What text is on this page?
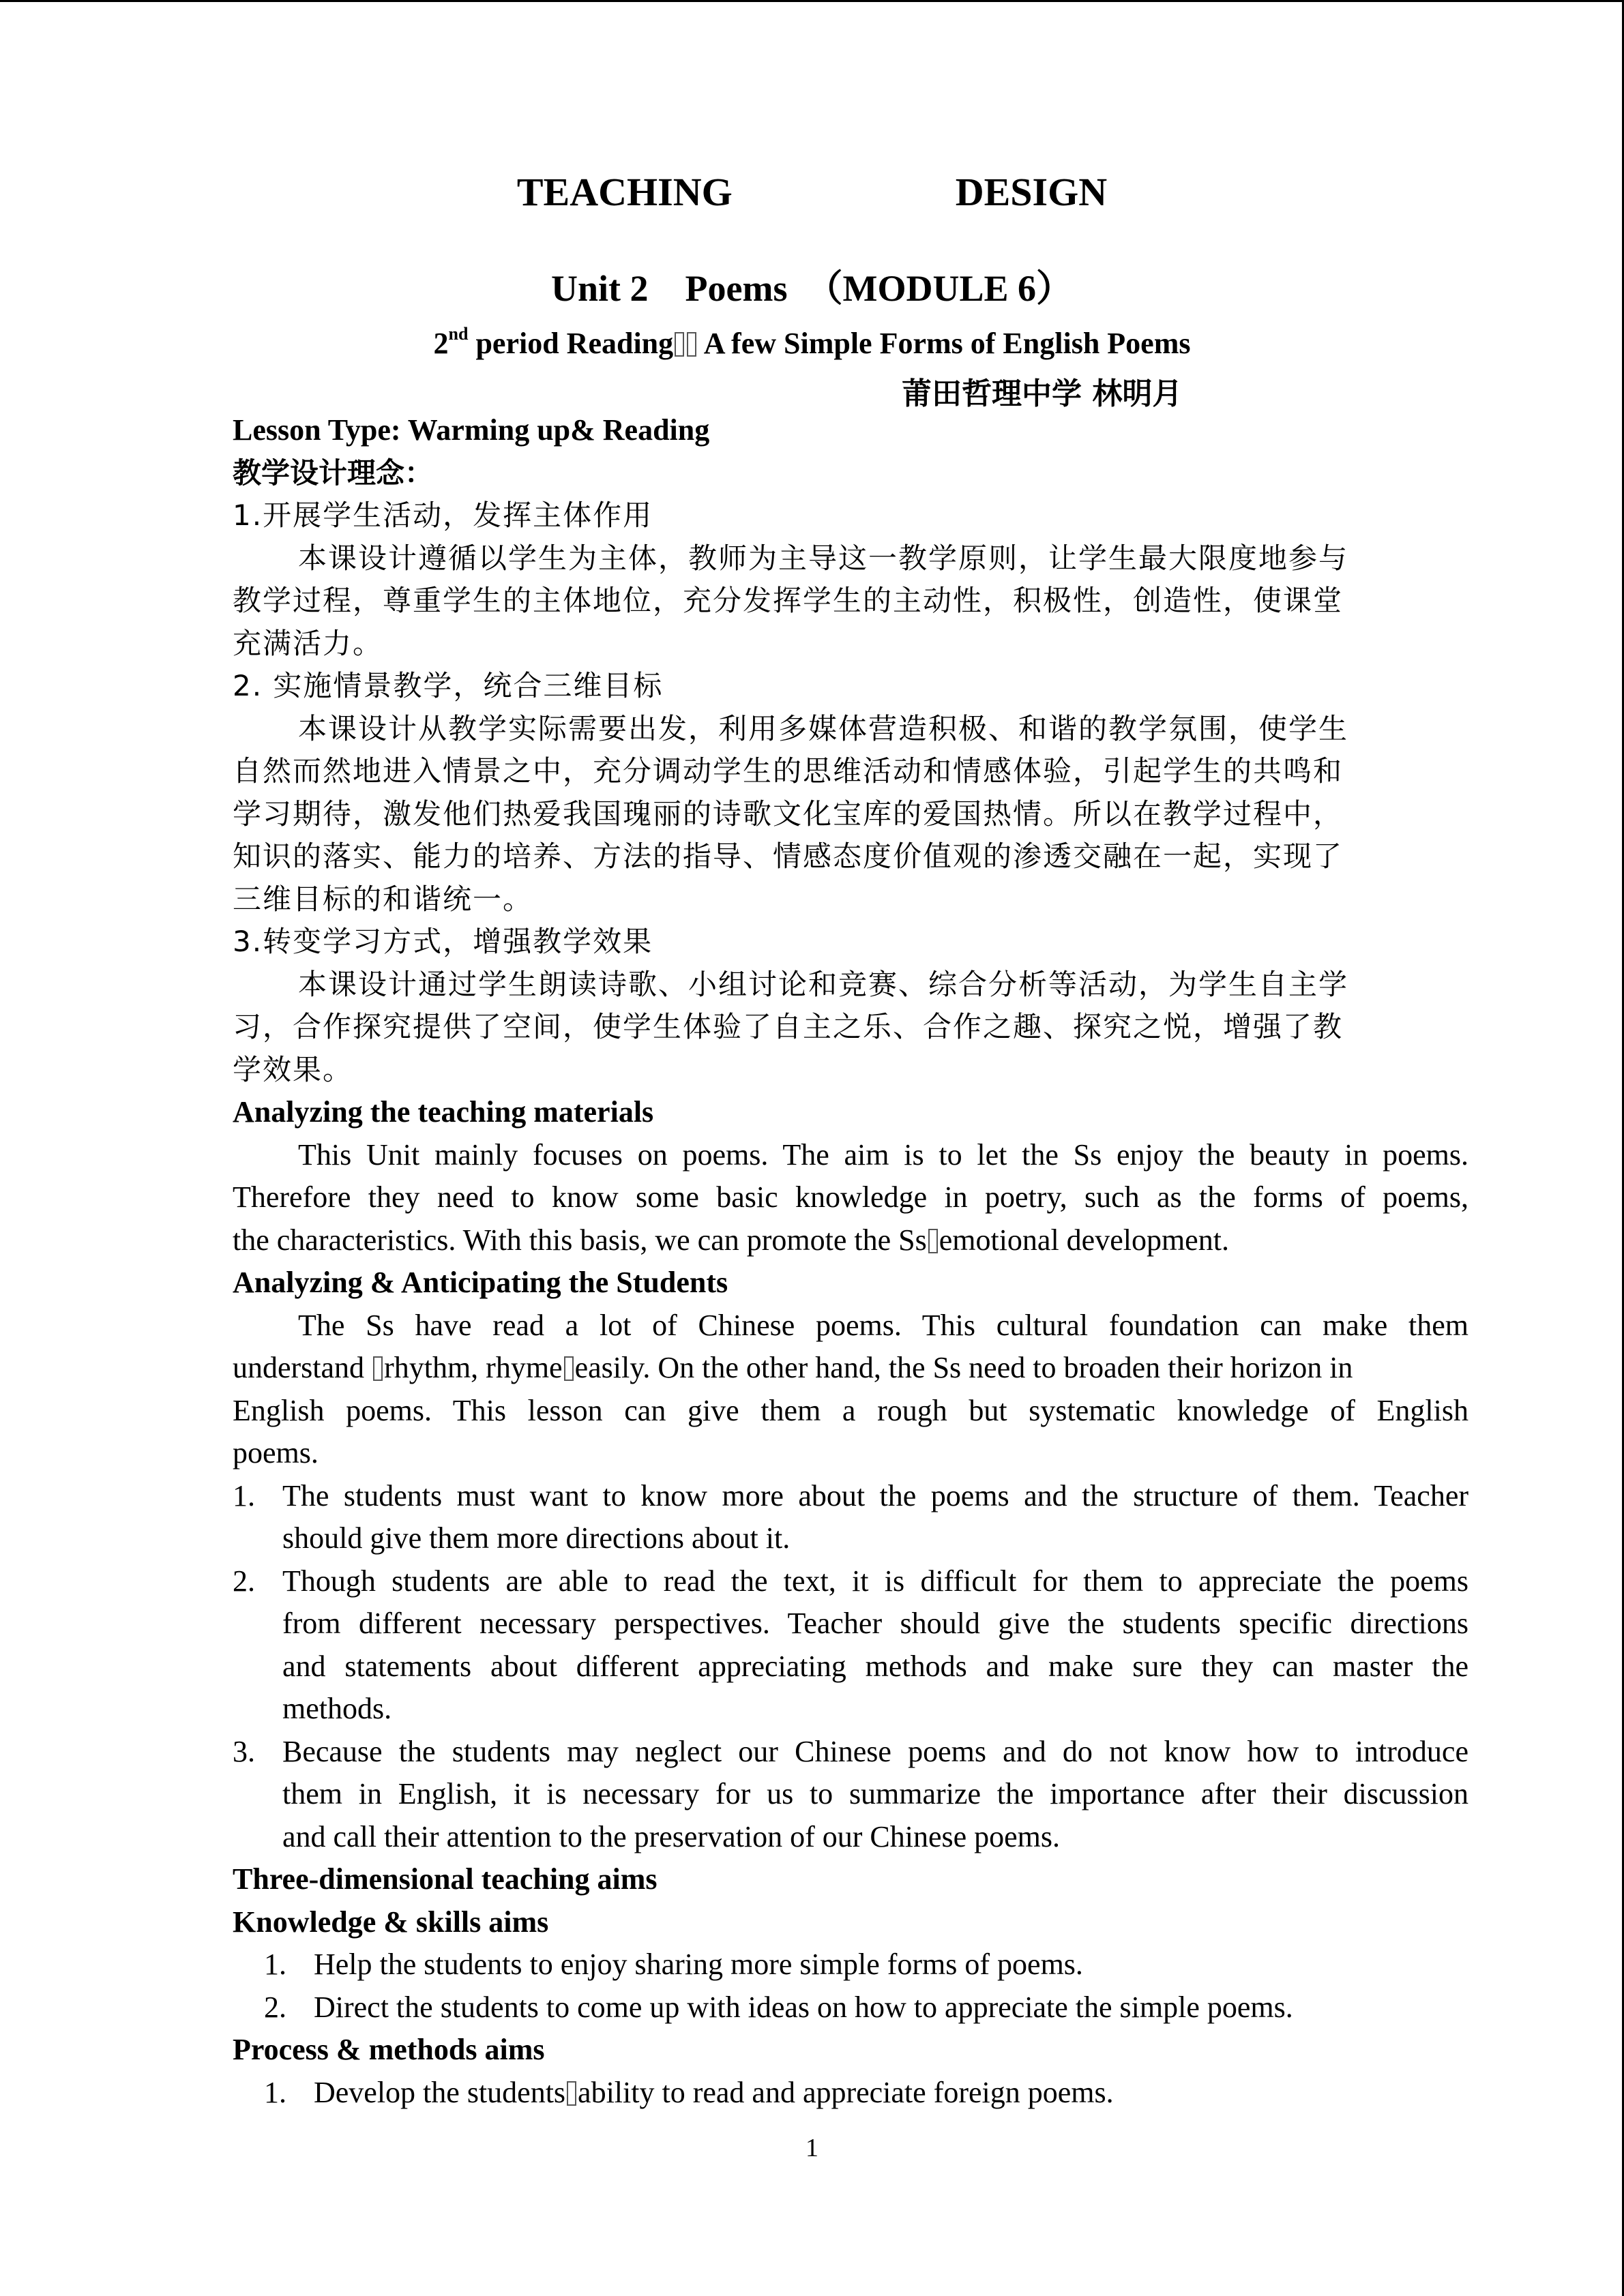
TEACHING      DESIGN
Unit 2    Poems  （MODULE 6）
2nd period Reading A few Simple Forms of English Poems
莆田哲理中学 林明月
Lesson Type: Warming up& Reading
教学设计理念：
1.开展学生活动，发挥主体作用
本课设计遵循以学生为主体，教师为主导这一教学原则，让学生最大限度地参与
教学过程，尊重学生的主体地位，充分发挥学生的主动性，积极性，创造性，使课堂
充满活力。
2. 实施情景教学，统合三维目标
本课设计从教学实际需要出发，利用多媒体营造积极、和谐的教学氛围，使学生
自然而然地进入情景之中，充分调动学生的思维活动和情感体验，引起学生的共鸣和
学习期待，激发他们热爱我国瑰丽的诗歌文化宝库的爱国热情。所以在教学过程中，
知识的落实、能力的培养、方法的指导、情感态度价值观的渗透交融在一起，实现了
三维目标的和谐统一。
3.转变学习方式，增强教学效果
本课设计通过学生朗读诗歌、小组讨论和竞赛、综合分析等活动，为学生自主学
习，合作探究提供了空间，使学生体验了自主之乐、合作之趣、探究之悦，增强了教
学效果。
Analyzing the teaching materials
This Unit mainly focuses on poems. The aim is to let the Ss enjoy the beauty in poems.
Therefore they need to know some basic knowledge in poetry, such as the forms of poems,
the characteristics. With this basis, we can promote the Ss emotional development.
Analyzing & Anticipating the Students
The Ss have read a lot of Chinese poems. This cultural foundation can make them
understand rhythm, rhyme easily. On the other hand, the Ss need to broaden their horizon in
English poems. This lesson can give them a rough but systematic knowledge of English
poems.
1. The students must want to know more about the poems and the structure of them. Teacher
should give them more directions about it.
2. Though students are able to read the text, it is difficult for them to appreciate the poems
from different necessary perspectives. Teacher should give the students specific directions
and statements about different appreciating methods and make sure they can master the
methods.
3. Because the students may neglect our Chinese poems and do not know how to introduce
them in English, it is necessary for us to summarize the importance after their discussion
and call their attention to the preservation of our Chinese poems.
Three-dimensional teaching aims
Knowledge & skills aims
1. Help the students to enjoy sharing more simple forms of poems.
2. Direct the students to come up with ideas on how to appreciate the simple poems.
Process & methods aims
1. Develop the students ability to read and appreciate foreign poems.
1
